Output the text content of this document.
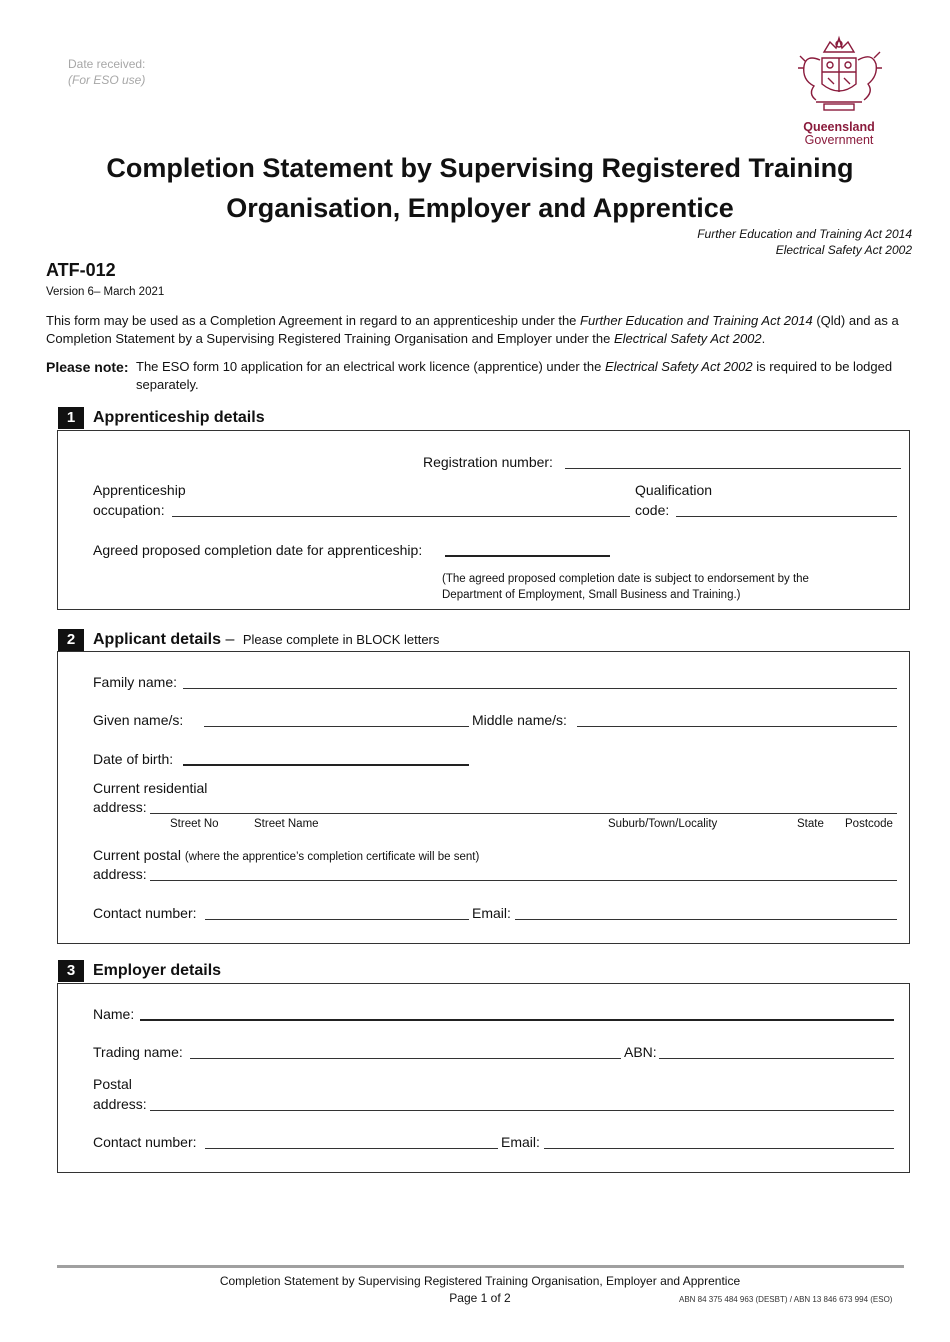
Date received:
(For ESO use)
Queensland
Government
Completion Statement by Supervising Registered Training
Organisation, Employer and Apprentice
Further Education and Training Act 2014
Electrical Safety Act 2002
ATF-012
Version 6– March 2021
This form may be used as a Completion Agreement in regard to an apprenticeship under the Further Education and Training Act 2014 (Qld) and as a Completion Statement by a Supervising Registered Training Organisation and Employer under the Electrical Safety Act 2002.
Please note: The ESO form 10 application for an electrical work licence (apprentice) under the Electrical Safety Act 2002 is required to be lodged separately.
1	Apprenticeship details
Registration number:
Apprenticeship
occupation:
Qualification
code:
Agreed proposed completion date for apprenticeship:
(The agreed proposed completion date is subject to endorsement by the
Department of Employment, Small Business and Training.)
2	Applicant details – Please complete in BLOCK letters
Family name:
Given name/s:	Middle name/s:
Date of birth:
Current residential
address:
Street No	Street Name	Suburb/Town/Locality	State Postcode
Current postal (where the apprentice’s completion certificate will be sent)
address:
Contact number:	Email:
3	Employer details
Name:
Trading name:	ABN:
Postal
address:
Contact number:	Email:
Completion Statement by Supervising Registered Training Organisation, Employer and Apprentice
Page 1 of 2	ABN 84 375 484 963 (DESBT) / ABN 13 846 673 994 (ESO)
